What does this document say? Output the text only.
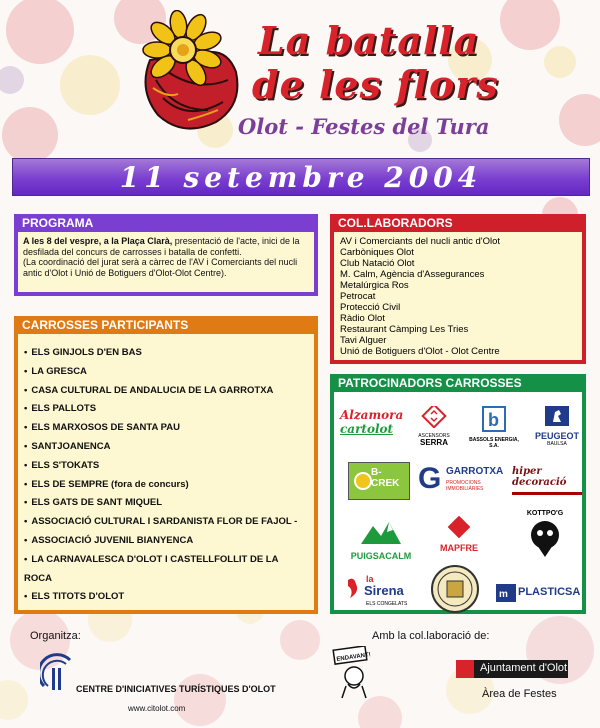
La batalla
de les flors
Olot - Festes del Tura
11 setembre 2004
PROGRAMA
A les 8 del vespre, a la Plaça Clarà, presentació de l'acte, inici de la desfilada del concurs de carrosses i batalla de confetti.
(La coordinació del jurat serà a càrrec de l'AV i Comerciants del nucli antic d'Olot i Unió de Botiguers d'Olot-Olot Centre).
COL.LABORADORS
AV i Comerciants del nucli antic d'Olot
Carbòniques Olot
Club Natació Olot
M. Calm, Agència d'Assegurances
Metalúrgica Ros
Petrocat
Protecció Civil
Ràdio Olot
Restaurant Càmping Les Tries
Tavi Alguer
Unió de Botiguers d'Olot - Olot Centre
CARROSSES PARTICIPANTS
• ELS GINJOLS D'EN BAS
• LA GRESCA
• CASA CULTURAL DE ANDALUCIA DE LA GARROTXA
• ELS PALLOTS
• ELS MARXOSOS DE SANTA PAU
• SANTJOANENCA
• ELS S'TOKATS
• ELS DE SEMPRE (fora de concurs)
• ELS GATS DE SANT MIQUEL
• ASSOCIACIÓ CULTURAL I SARDANISTA FLOR DE FAJOL -
• ASSOCIACIÓ JUVENIL BIANYENCA
• LA CARNAVALESCA D'OLOT I CASTELLFOLLIT DE LA ROCA
• ELS TITOTS D'OLOT
PATROCINADORS CARROSSES
Alzamora
cartolot	ASCENSORS
SERRA
b
BASSOLS ENERGIA, S.A.
PEUGEOT
BAULSA
B-CREK G GARROTXA
PROMOCIONS IMMOBILIÀRIES
hiper decoració
PUIGSACALM
MAPFRE
KOTTPO'G
la
Sirena
ELS CONGELATS
m PLASTICSA
Organitza:	Amb la col.laboració de:
CENTRE D'INICIATIVES TURÍSTIQUES D'OLOT
www.citolot.com
ENDAVANT!
Ajuntament d'Olot
Àrea de Festes
